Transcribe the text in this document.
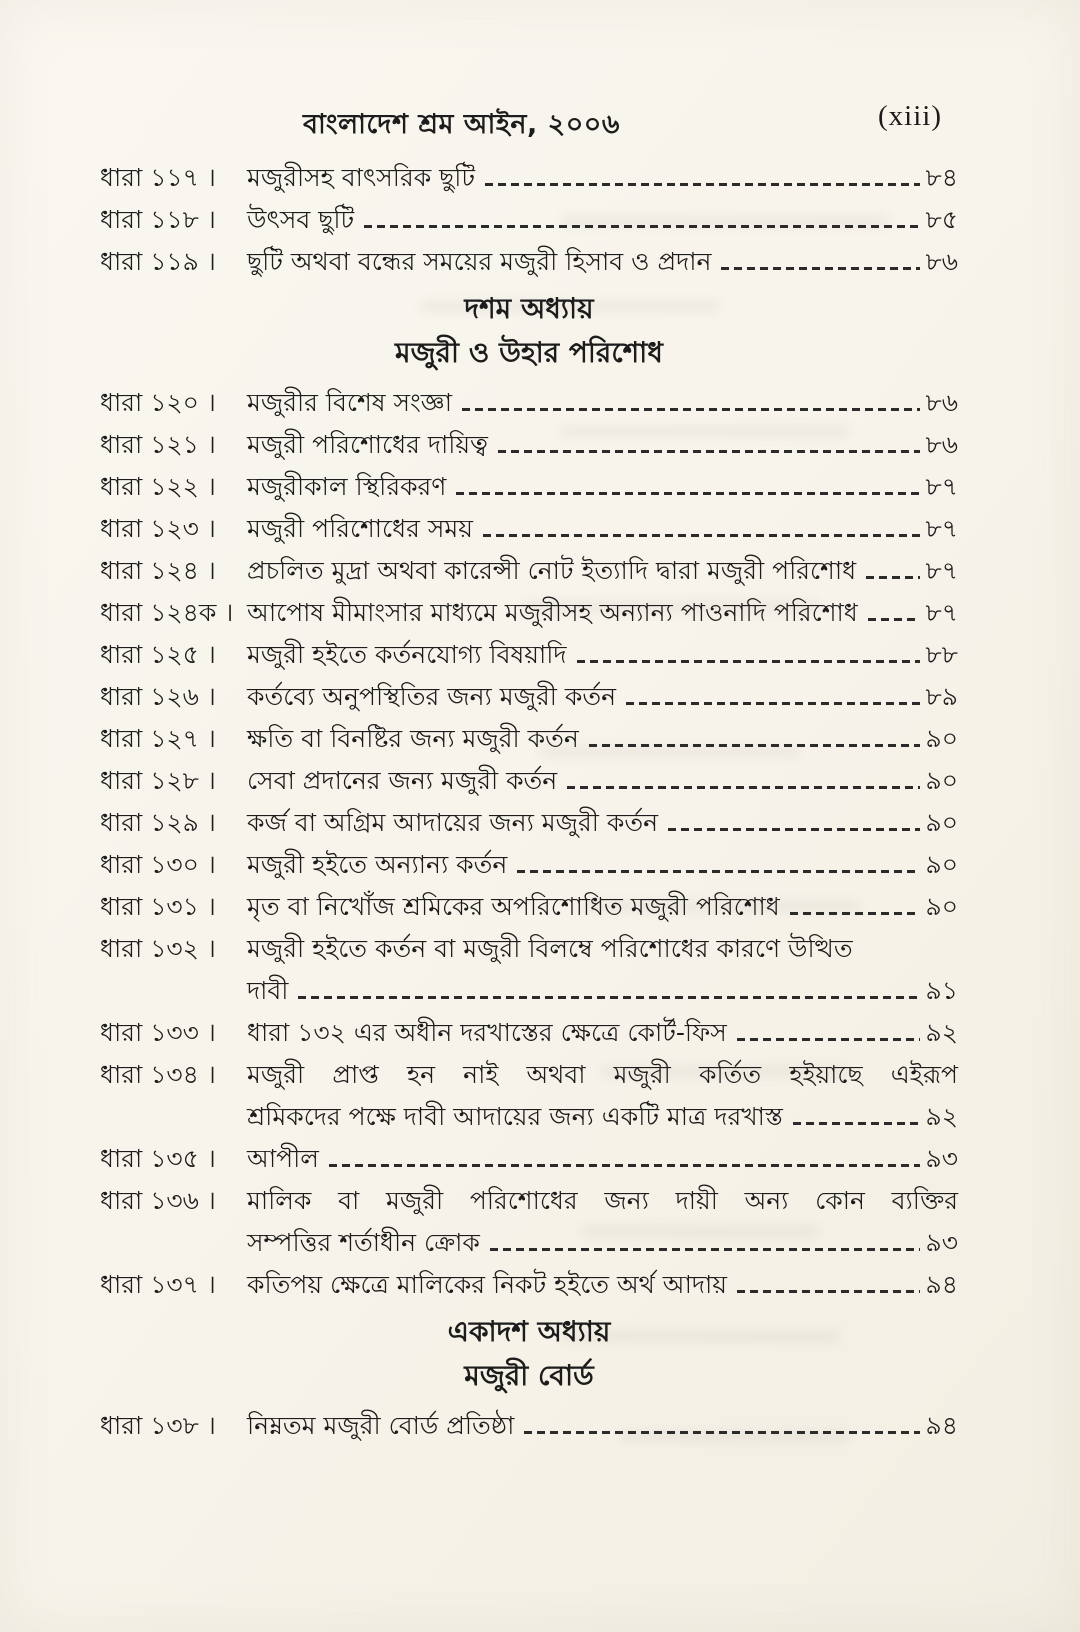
বাংলাদেশ শ্রম আইন, ২০০৬	(xiii)
ধারা ১১৭ ।	মজুরীসহ বাৎসরিক ছুটি	৮৪
ধারা ১১৮ ।	উৎসব ছুটি	৮৫
ধারা ১১৯ ।	ছুটি অথবা বন্ধের সময়ের মজুরী হিসাব ও প্রদান	৮৬
দশম অধ্যায়
মজুরী ও উহার পরিশোধ
ধারা ১২০ ।	মজুরীর বিশেষ সংজ্ঞা	৮৬
ধারা ১২১ ।	মজুরী পরিশোধের দায়িত্ব	৮৬
ধারা ১২২ ।	মজুরীকাল স্থিরিকরণ	৮৭
ধারা ১২৩ ।	মজুরী পরিশোধের সময়	৮৭
ধারা ১২৪ ।	প্রচলিত মুদ্রা অথবা কারেন্সী নোট ইত্যাদি দ্বারা মজুরী পরিশোধ	৮৭
ধারা ১২৪ক । আপোষ মীমাংসার মাধ্যমে মজুরীসহ অন্যান্য পাওনাদি পরিশোধ	৮৭
ধারা ১২৫ ।	মজুরী হইতে কর্তনযোগ্য বিষয়াদি	৮৮
ধারা ১২৬ ।	কর্তব্যে অনুপস্থিতির জন্য মজুরী কর্তন	৮৯
ধারা ১২৭ ।	ক্ষতি বা বিনষ্টির জন্য মজুরী কর্তন	৯০
ধারা ১২৮ ।	সেবা প্রদানের জন্য মজুরী কর্তন	৯০
ধারা ১২৯ ।	কর্জ বা অগ্রিম আদায়ের জন্য মজুরী কর্তন	৯০
ধারা ১৩০ ।	মজুরী হইতে অন্যান্য কর্তন	৯০
ধারা ১৩১ ।	মৃত বা নিখোঁজ শ্রমিকের অপরিশোধিত মজুরী পরিশোধ	৯০
ধারা ১৩২ ।	মজুরী হইতে কর্তন বা মজুরী বিলম্বে পরিশোধের কারণে উত্থিত
দাবী	৯১
ধারা ১৩৩ ।	ধারা ১৩২ এর অধীন দরখাস্তের ক্ষেত্রে কোর্ট-ফিস	৯২
ধারা ১৩৪ ।	মজুরী প্রাপ্ত হন নাই অথবা মজুরী কর্তিত হইয়াছে এইরূপ
শ্রমিকদের পক্ষে দাবী আদায়ের জন্য একটি মাত্র দরখাস্ত	৯২
ধারা ১৩৫ ।	আপীল	৯৩
ধারা ১৩৬ ।	মালিক বা মজুরী পরিশোধের জন্য দায়ী অন্য কোন ব্যক্তির
সম্পত্তির শর্তাধীন ক্রোক	৯৩
ধারা ১৩৭ ।	কতিপয় ক্ষেত্রে মালিকের নিকট হইতে অর্থ আদায়	৯৪
একাদশ অধ্যায়
মজুরী বোর্ড
ধারা ১৩৮ ।	নিম্নতম মজুরী বোর্ড প্রতিষ্ঠা	৯৪
